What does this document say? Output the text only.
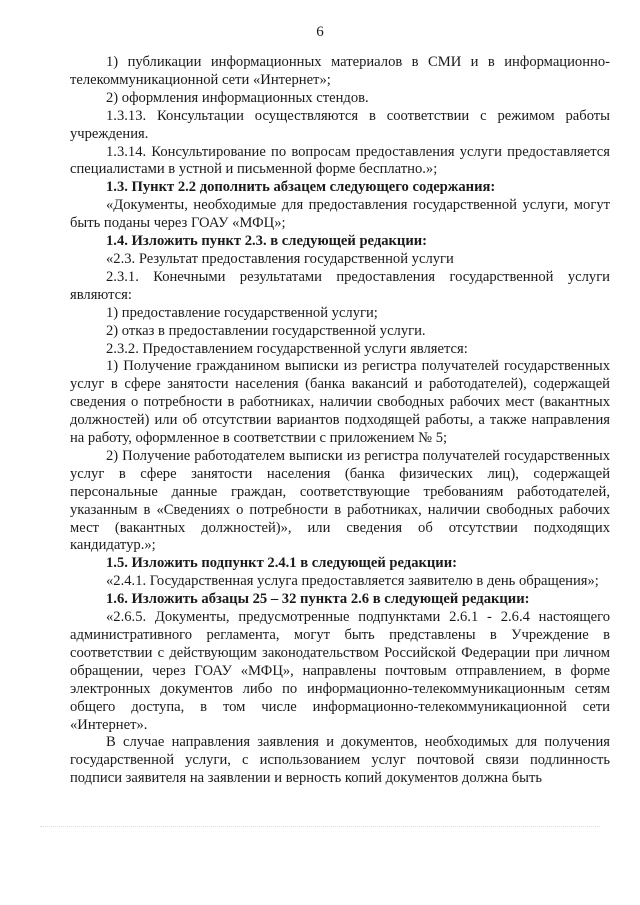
6

1) публикации информационных материалов в СМИ и в информационно-телекоммуникационной сети «Интернет»;

2) оформления информационных стендов.

1.3.13. Консультации осуществляются в соответствии с режимом работы учреждения.

1.3.14. Консультирование по вопросам предоставления услуги предоставляется специалистами в устной и письменной форме бесплатно.»;

1.3. Пункт 2.2 дополнить абзацем следующего содержания:

«Документы, необходимые для предоставления государственной услуги, могут быть поданы через ГОАУ «МФЦ»;

1.4. Изложить пункт 2.3. в следующей редакции:

«2.3. Результат предоставления государственной услуги

2.3.1. Конечными результатами предоставления государственной услуги являются:

1) предоставление государственной услуги;

2) отказ в предоставлении государственной услуги.

2.3.2. Предоставлением государственной услуги является:

1) Получение гражданином выписки из регистра получателей государственных услуг в сфере занятости населения (банка вакансий и работодателей), содержащей сведения о потребности в работниках, наличии свободных рабочих мест (вакантных должностей) или об отсутствии вариантов подходящей работы, а также направления на работу, оформленное в соответствии с приложением № 5;

2) Получение работодателем выписки из регистра получателей государственных услуг в сфере занятости населения (банка физических лиц), содержащей персональные данные граждан, соответствующие требованиям работодателей, указанным в «Сведениях о потребности в работниках, наличии свободных рабочих мест (вакантных должностей)», или сведения об отсутствии подходящих кандидатур.»;

1.5. Изложить подпункт 2.4.1 в следующей редакции:

«2.4.1. Государственная услуга предоставляется заявителю в день обращения»;

1.6. Изложить абзацы 25 – 32 пункта 2.6 в следующей редакции:

«2.6.5. Документы, предусмотренные подпунктами 2.6.1 - 2.6.4 настоящего административного регламента, могут быть представлены в Учреждение в соответствии с действующим законодательством Российской Федерации при личном обращении, через ГОАУ «МФЦ», направлены почтовым отправлением, в форме электронных документов либо по информационно-телекоммуникационным сетям общего доступа, в том числе информационно-телекоммуникационной сети «Интернет».

В случае направления заявления и документов, необходимых для получения государственной услуги, с использованием услуг почтовой связи подлинность подписи заявителя на заявлении и верность копий документов должна быть
